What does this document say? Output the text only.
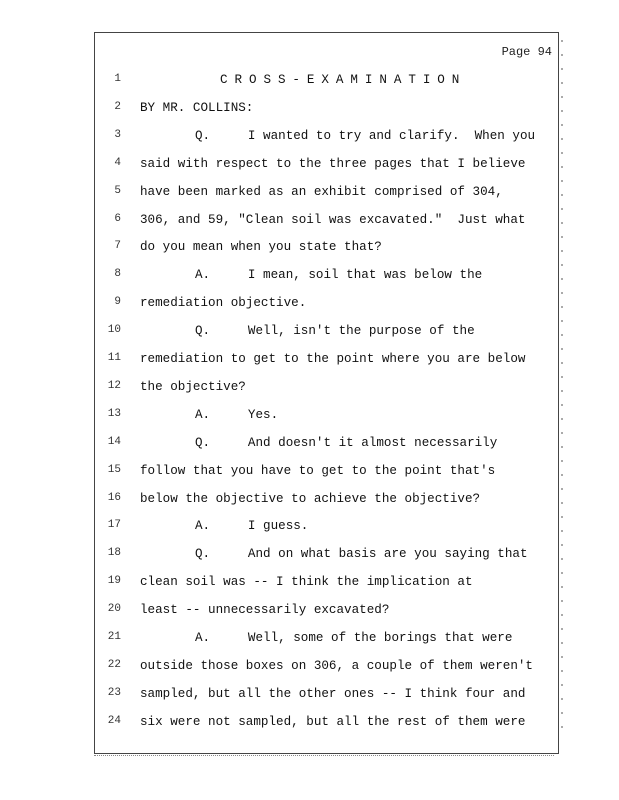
Page 94
1	CROSS-EXAMINATION
2 BY MR. COLLINS:
3	Q.     I wanted to try and clarify.  When you
4 said with respect to the three pages that I believe
5 have been marked as an exhibit comprised of 304,
6 306, and 59, "Clean soil was excavated."  Just what
7 do you mean when you state that?
8	A.     I mean, soil that was below the
9 remediation objective.
10	Q.     Well, isn't the purpose of the
11 remediation to get to the point where you are below
12 the objective?
13	A.     Yes.
14	Q.     And doesn't it almost necessarily
15 follow that you have to get to the point that's
16 below the objective to achieve the objective?
17	A.     I guess.
18	Q.     And on what basis are you saying that
19 clean soil was -- I think the implication at
20 least -- unnecessarily excavated?
21	A.     Well, some of the borings that were
22 outside those boxes on 306, a couple of them weren't
23 sampled, but all the other ones -- I think four and
24 six were not sampled, but all the rest of them were
